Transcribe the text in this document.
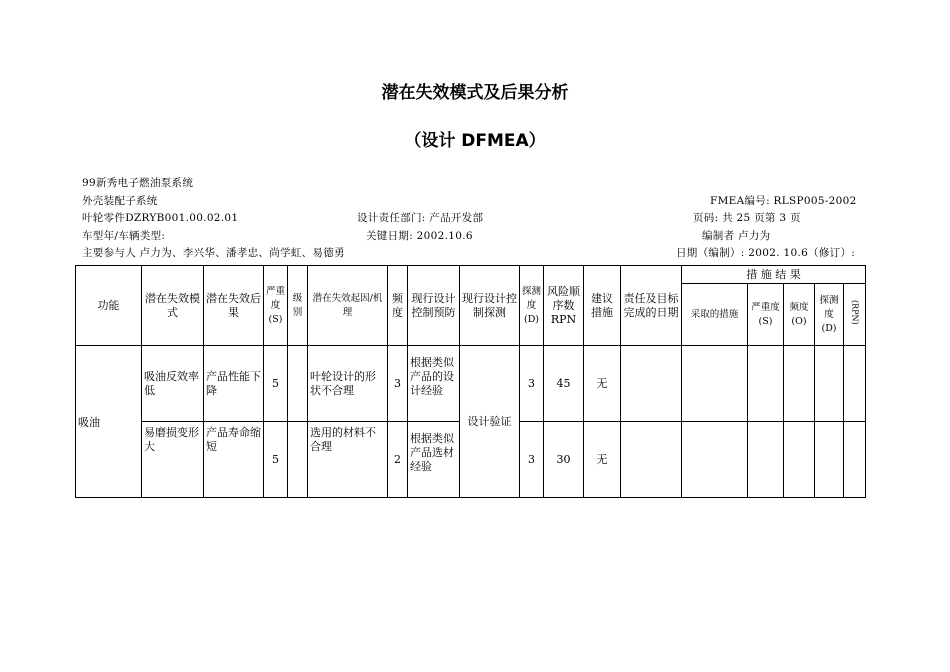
潜在失效模式及后果分析
（设计 DFMEA）
99新秀电子燃油泵系统
外壳装配子系统	FMEA编号: RLSP005-2002
叶轮零件DZRYB001.00.02.01	设计责任部门: 产品开发部	页码: 共 25 页第 3 页
车型年/车辆类型:	关键日期: 2002.10.6	编制者 卢力为
主要参与人 卢力为、李兴华、潘孝忠、尚学虹、易德勇	日期（编制）: 2002. 10.6（修订）:
功能	潜在失效模式	潜在失效后果	严重度(S)	级别	潜在失效起因/机理	频度	现行设计控制预防	现行设计控制探测	探测度(D)	风险顺序数RPN	建议措施	责任及目标完成的日期	措 施 结 果				
													采取的措施	严重度(S)	频度(O)	探测度(D)	(RPN)
吸油	吸油反效率低	产品性能下降	5		叶轮设计的形状不合理	3	根据类似产品的设计经验	设计验证	3	45	无						
	易磨损变形大	产品寿命缩短	5		选用的材料不合理	2	根据类似产品选材经验		3	30	无						
